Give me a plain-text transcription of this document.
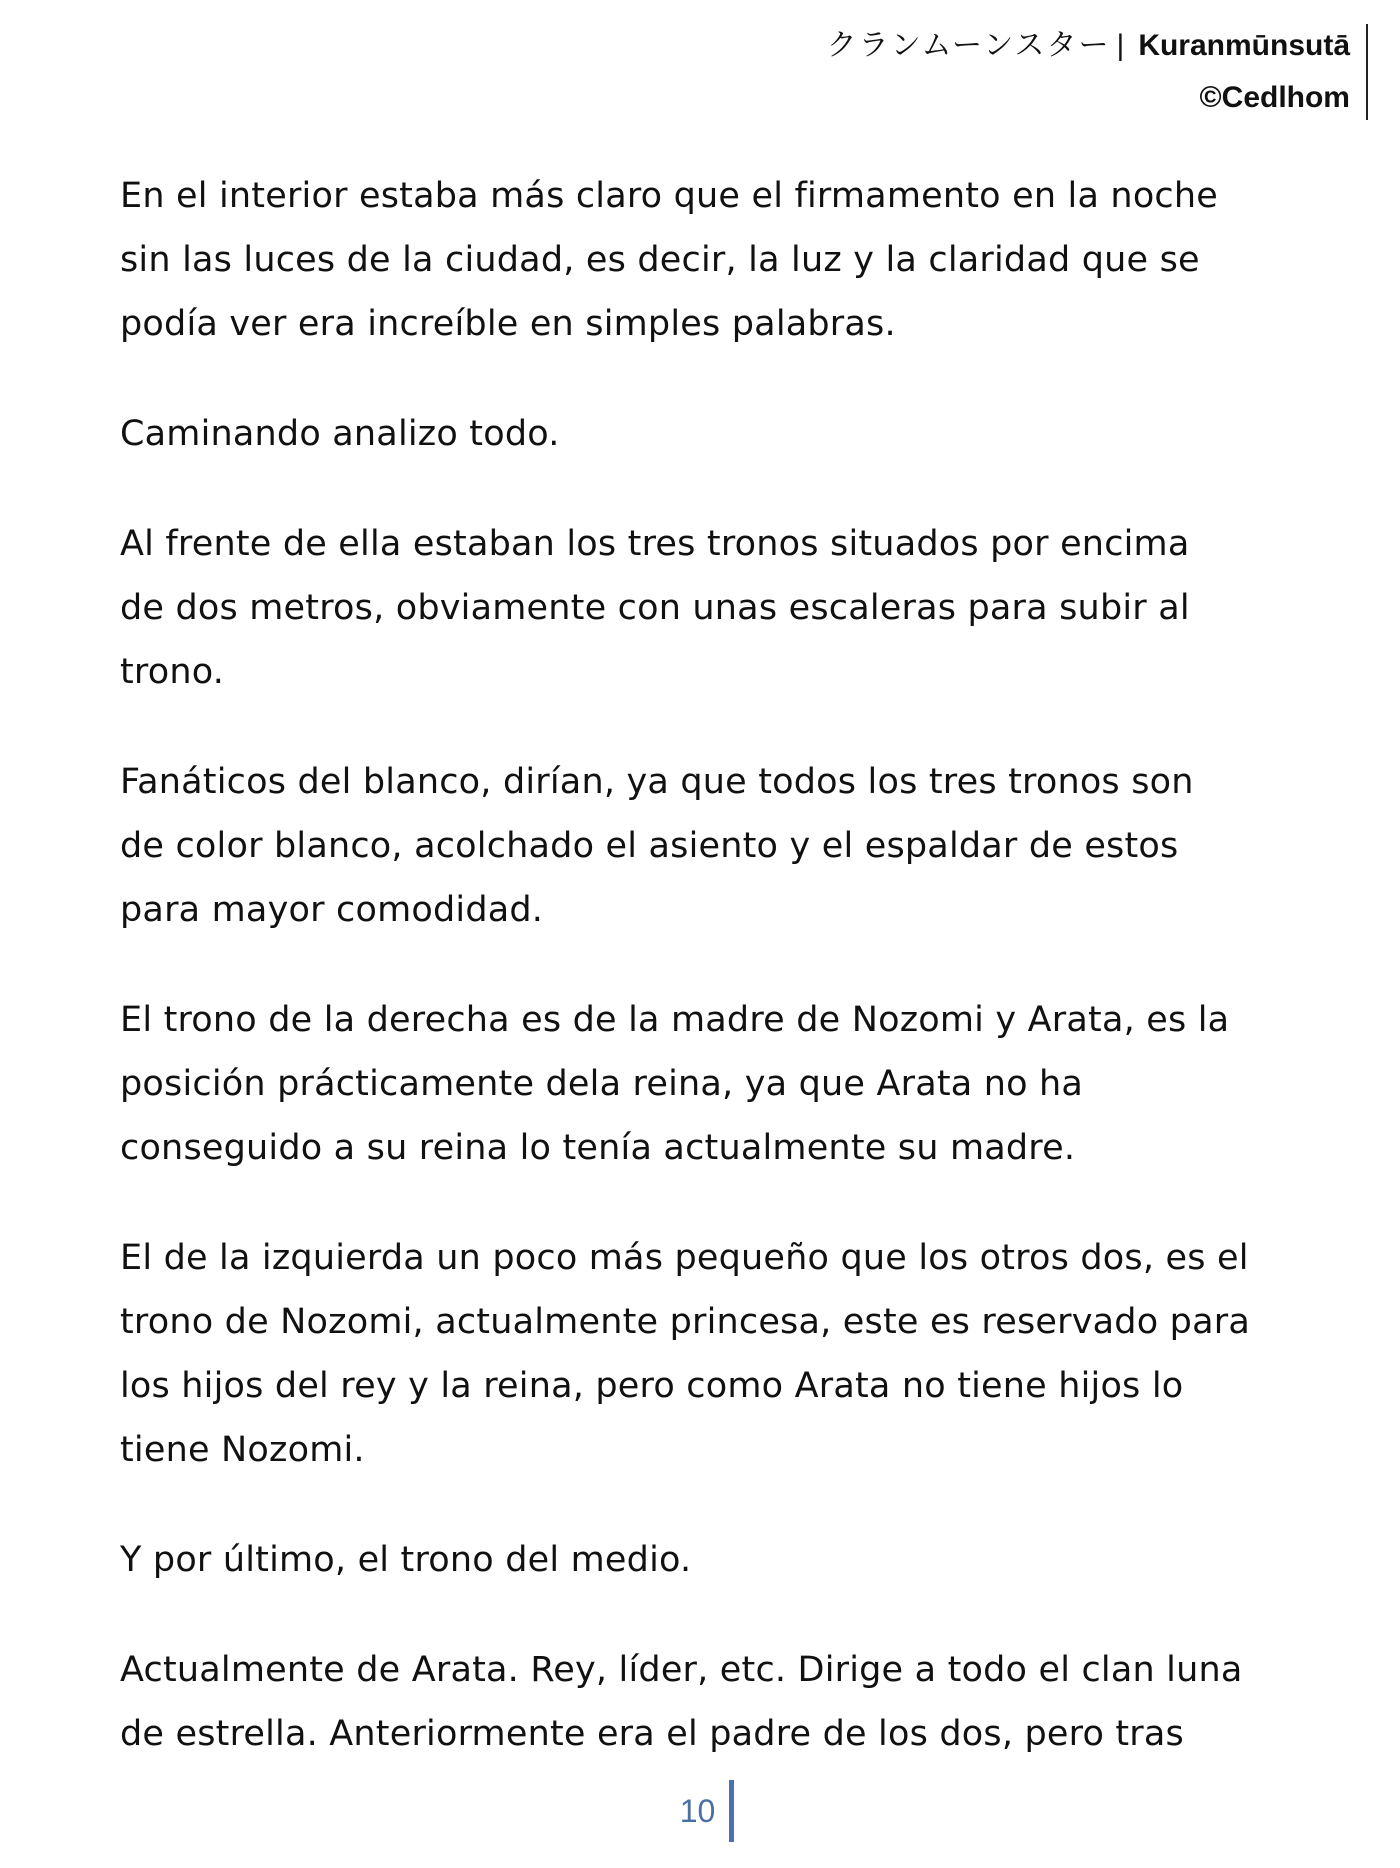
クランムーンスター | Kuranmūnsutā
©Cedlhom

En el interior estaba más claro que el firmamento en la noche
sin las luces de la ciudad, es decir, la luz y la claridad que se
podía ver era increíble en simples palabras.

Caminando analizo todo.

Al frente de ella estaban los tres tronos situados por encima
de dos metros, obviamente con unas escaleras para subir al
trono.

Fanáticos del blanco, dirían, ya que todos los tres tronos son
de color blanco, acolchado el asiento y el espaldar de estos
para mayor comodidad.

El trono de la derecha es de la madre de Nozomi y Arata, es la
posición prácticamente dela reina, ya que Arata no ha
conseguido a su reina lo tenía actualmente su madre.

El de la izquierda un poco más pequeño que los otros dos, es el
trono de Nozomi, actualmente princesa, este es reservado para
los hijos del rey y la reina, pero como Arata no tiene hijos lo
tiene Nozomi.

Y por último, el trono del medio.

Actualmente de Arata. Rey, líder, etc. Dirige a todo el clan luna
de estrella. Anteriormente era el padre de los dos, pero tras

10
